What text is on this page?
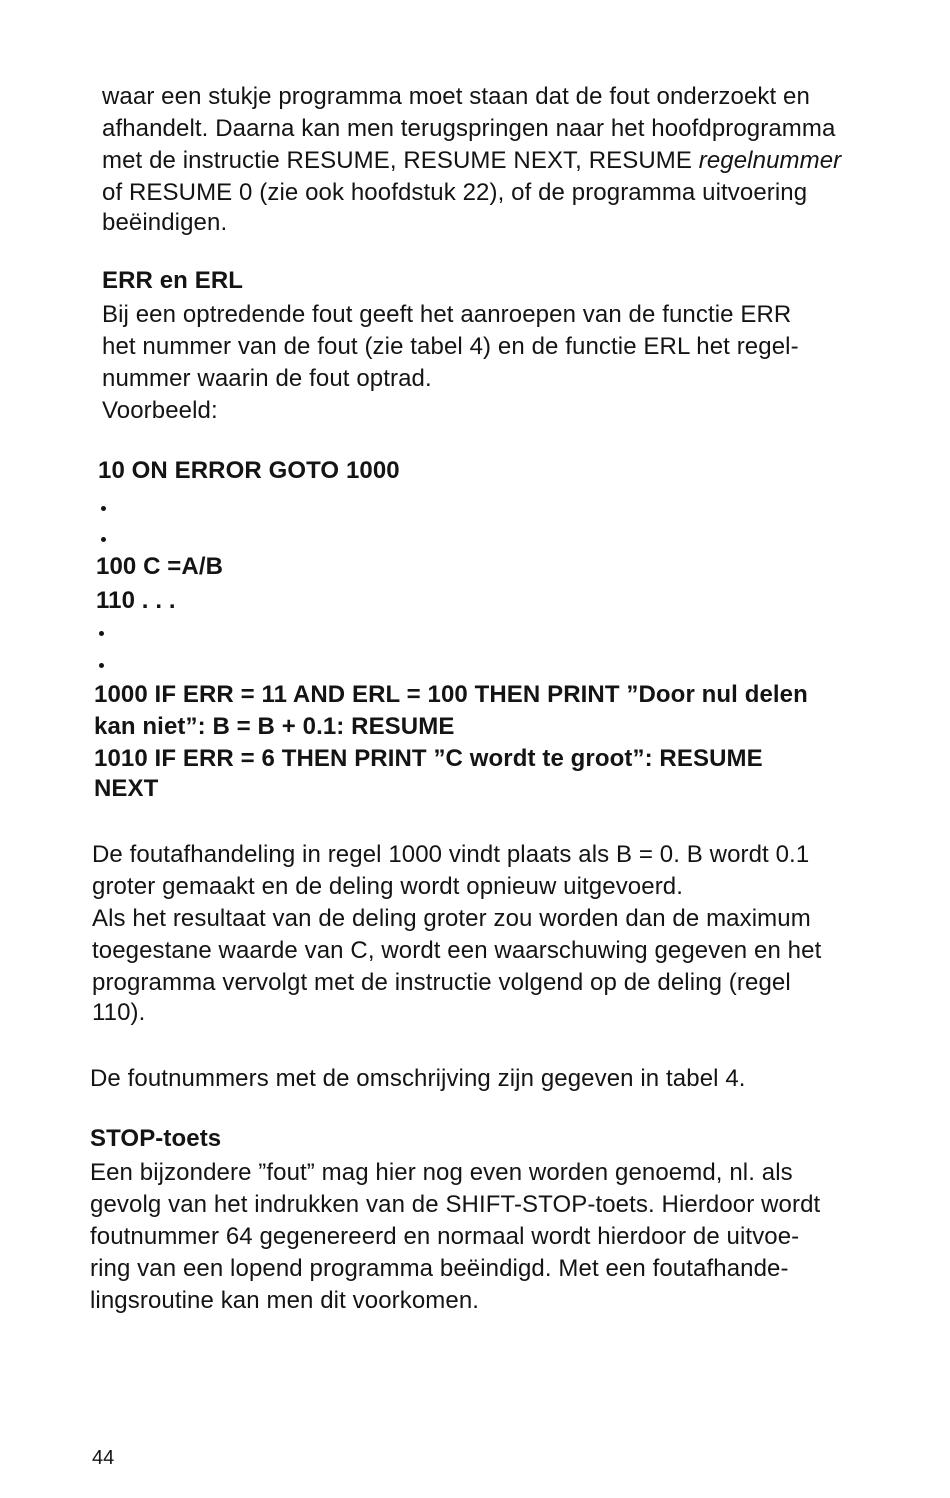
waar een stukje programma moet staan dat de fout onderzoekt en
afhandelt. Daarna kan men terugspringen naar het hoofdprogramma
met de instructie RESUME, RESUME NEXT, RESUME regelnummer
of RESUME 0 (zie ook hoofdstuk 22), of de programma uitvoering
beëindigen.
ERR en ERL
Bij een optredende fout geeft het aanroepen van de functie ERR
het nummer van de fout (zie tabel 4) en de functie ERL het regel-
nummer waarin de fout optrad.
Voorbeeld:
10 ON ERROR GOTO 1000
100 C =A/B
110 . . .
1000 IF ERR = 11 AND ERL = 100 THEN PRINT ”Door nul delen
kan niet”: B = B + 0.1: RESUME
1010 IF ERR = 6 THEN PRINT ”C wordt te groot”: RESUME
NEXT
De foutafhandeling in regel 1000 vindt plaats als B = 0. B wordt 0.1
groter gemaakt en de deling wordt opnieuw uitgevoerd.
Als het resultaat van de deling groter zou worden dan de maximum
toegestane waarde van C, wordt een waarschuwing gegeven en het
programma vervolgt met de instructie volgend op de deling (regel
110).
De foutnummers met de omschrijving zijn gegeven in tabel 4.
STOP-toets
Een bijzondere ”fout” mag hier nog even worden genoemd, nl. als
gevolg van het indrukken van de SHIFT-STOP-toets. Hierdoor wordt
foutnummer 64 gegenereerd en normaal wordt hierdoor de uitvoe-
ring van een lopend programma beëindigd. Met een foutafhande-
lingsroutine kan men dit voorkomen.
44
